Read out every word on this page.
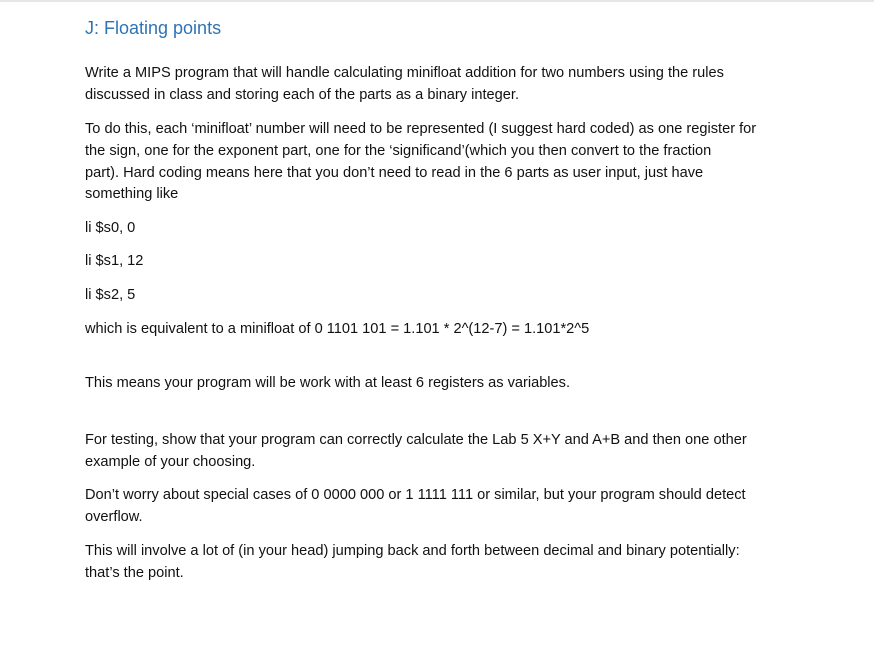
J: Floating points

Write a MIPS program that will handle calculating minifloat addition for two numbers using the rules
discussed in class and storing each of the parts as a binary integer.

To do this, each ‘minifloat’ number will need to be represented (I suggest hard coded) as one register for
the sign, one for the exponent part, one for the ‘significand’(which you then convert to the fraction
part). Hard coding means here that you don’t need to read in the 6 parts as user input, just have
something like

li $s0, 0

li $s1, 12

li $s2, 5

which is equivalent to a minifloat of 0 1101 101 = 1.101 * 2^(12-7) = 1.101*2^5

This means your program will be work with at least 6 registers as variables.

For testing, show that your program can correctly calculate the Lab 5 X+Y and A+B and then one other
example of your choosing.

Don’t worry about special cases of 0 0000 000 or 1 1111 111 or similar, but your program should detect
overflow.

This will involve a lot of (in your head) jumping back and forth between decimal and binary potentially:
that’s the point.
